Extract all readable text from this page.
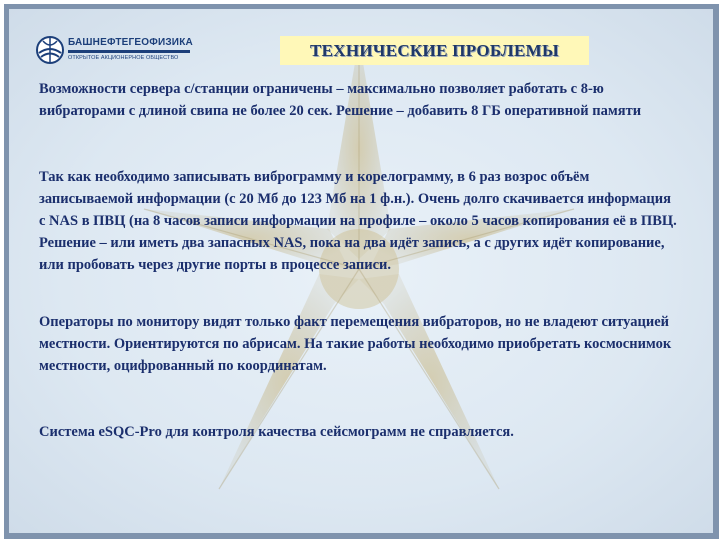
БАШНЕФТЕГЕОФИЗИКА
ОТКРЫТОЕ АКЦИОНЕРНОЕ ОБЩЕСТВО	ТЕХНИЧЕСКИЕ ПРОБЛЕМЫ

Возможности сервера с/станции ограничены – максимально позволяет работать с 8-ю вибраторами с длиной свипа не более 20 сек. Решение – добавить 8 ГБ оперативной памяти

Так как необходимо записывать виброграмму и корелограмму, в 6 раз возрос объём записываемой информации (с 20 Мб до 123 Мб на 1 ф.н.). Очень долго скачивается информация с NAS в ПВЦ (на 8 часов записи информации на профиле – около 5 часов копирования её в ПВЦ. Решение – или иметь два запасных NAS, пока на два идёт запись, а с других идёт копирование, или пробовать через другие порты в процессе записи.

Операторы по монитору видят только факт перемещения вибраторов, но не владеют ситуацией местности. Ориентируются по абрисам. На такие работы необходимо приобретать космоснимок местности, оцифрованный по координатам.

Система eSQC-Pro для контроля качества сейсмограмм не справляется.
